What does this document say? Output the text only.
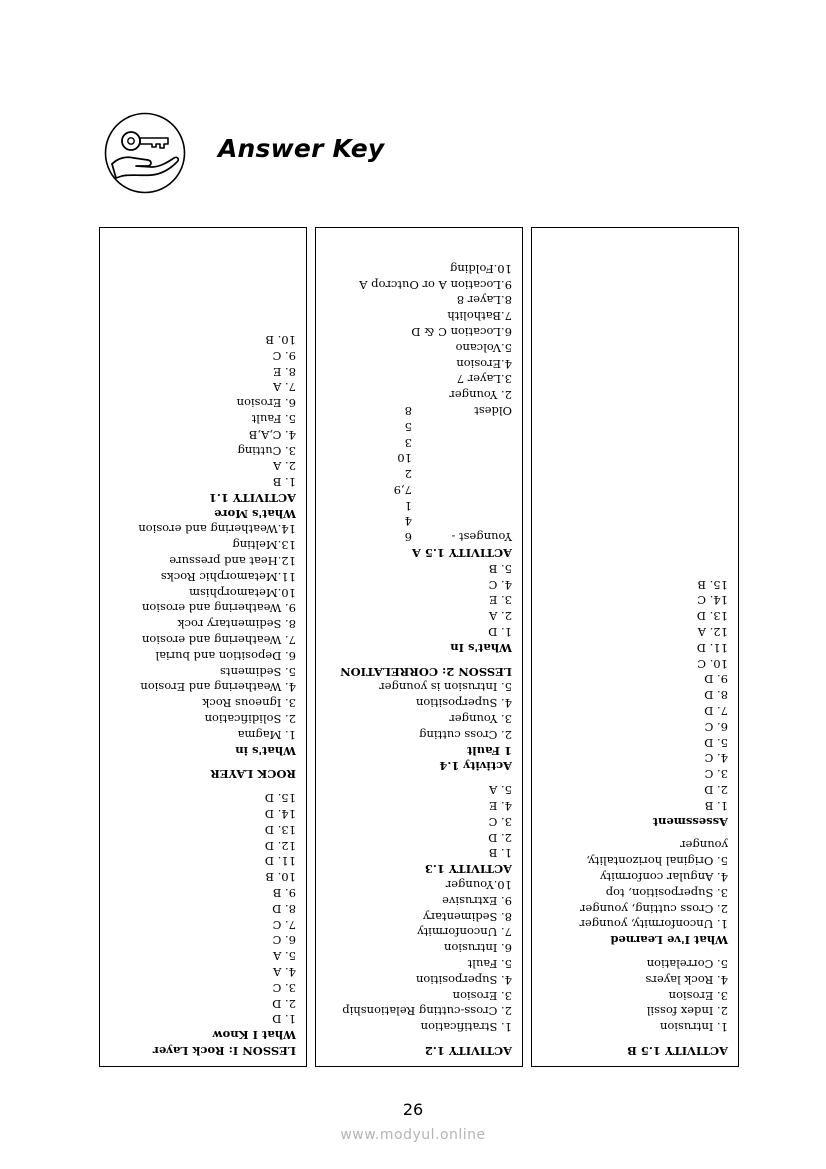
Answer Key
LESSON I: Rock Layer
What I Know
1. D
2. D
3. C
4. A
5. A
6. C
7. C
8. D
9. B
10. B
11. D
12. D
13. D
14. D
15. D
ROCK LAYER
What's in
1. Magma
2. Solidification
3. Igneous Rock
4. Weathering and Erosion
5. Sediments
6. Deposition and burial
7. Weathering and erosion
8. Sedimentary rock
9. Weathering and erosion
10.Metamorphism
11.Metamorphic Rocks
12.Heat and pressure
13.Melting
14.Weathering and erosion
What's More
ACTIVITY 1.1
1. B
2. A
3. Cutting
4. C,A,B
5. Fault
6. Erosion
7. A
8. E
9. C
10. B
ACTIVITY 1.2
1. Stratification
2. Cross-cutting Relationship
3. Erosion
4. Superposition
5. Fault
6. Intrusion
7. Unconformity
8. Sedimentary
9. Extrusive
10.Younger
ACTIVITY 1.3
1. B
2. D
3. C
4. E
5. A
Activity 1.4
1 Fault
2. Cross cutting
3. Younger
4. Superposition
5. Intrusion is younger
LESSON 2: CORRELATION
What's In
1. D
2. A
3. E
4. C
5. B
ACTIVITY 1.5 A
Youngest -
6
4
1
7,9
2
10
3
5
Oldest
8
2. Younger
3.Layer 7
4.Erosion
5.Volcano
6.Location C & D
7.Batholith
8.Layer 8
9.Location A or Outcrop A
10.Folding
ACTIVITY 1.5 B
1. Intrusion
2. Index fossil
3. Erosion
4. Rock layers
5. Correlation
What I've Learned
1. Unconformity, younger
2. Cross cutting, younger
3. Superposition, top
4. Angular conformity
5. Original horizontality,
younger
Assessment
1. B
2. D
3. C
4. C
5. D
6. C
7. D
8. D
9. D
10. C
11. D
12. A
13. D
14. C
15. B
26
www.modyul.online
